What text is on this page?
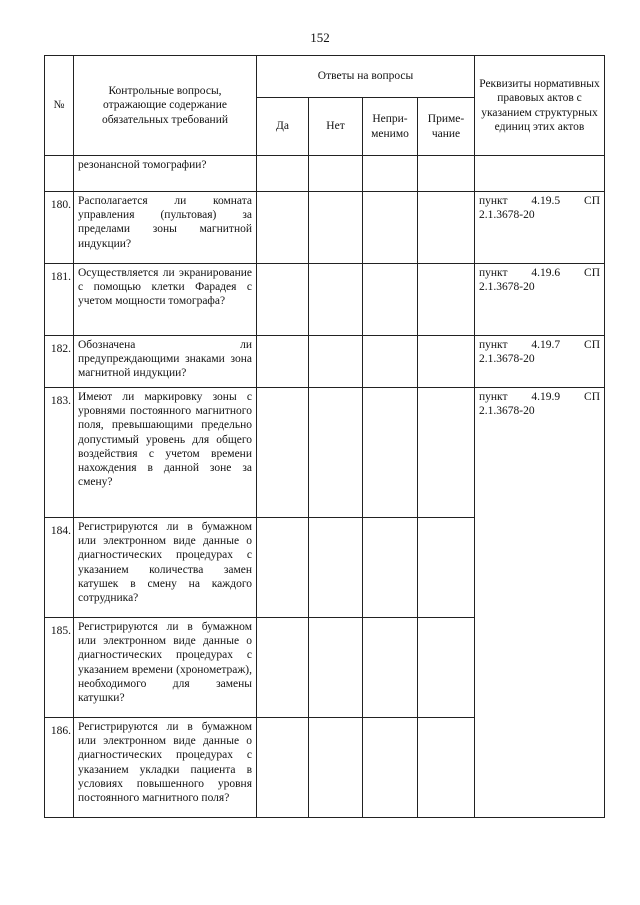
152
№	Контрольные вопросы, отражающие содержание обязательных требований	Ответы на вопросы				Реквизиты нормативных правовых актов с указанием структурных единиц этих актов
		Да	Нет	Непри-менимо	Приме-чание	
	резонансной томографии?					
180.	Располагается ли комната управления (пультовая) за пределами зоны магнитной индукции?					пункт 4.19.5 СП 2.1.3678-20
181.	Осуществляется ли экранирование с помощью клетки Фарадея с учетом мощности томографа?					пункт 4.19.6 СП 2.1.3678-20
182.	Обозначена ли предупреждающими знаками зона магнитной индукции?					пункт 4.19.7 СП 2.1.3678-20
183.	Имеют ли маркировку зоны с уровнями постоянного магнитного поля, превышающими предельно допустимый уровень для общего воздействия с учетом времени нахождения в данной зоне за смену?					пункт 4.19.9 СП 2.1.3678-20
184.	Регистрируются ли в бумажном или электронном виде данные о диагностических процедурах с указанием количества замен катушек в смену на каждого сотрудника?					
185.	Регистрируются ли в бумажном или электронном виде данные о диагностических процедурах с указанием времени (хронометраж), необходимого для замены катушки?					
186.	Регистрируются ли в бумажном или электронном виде данные о диагностических процедурах с указанием укладки пациента в условиях повышенного уровня постоянного магнитного поля?					
